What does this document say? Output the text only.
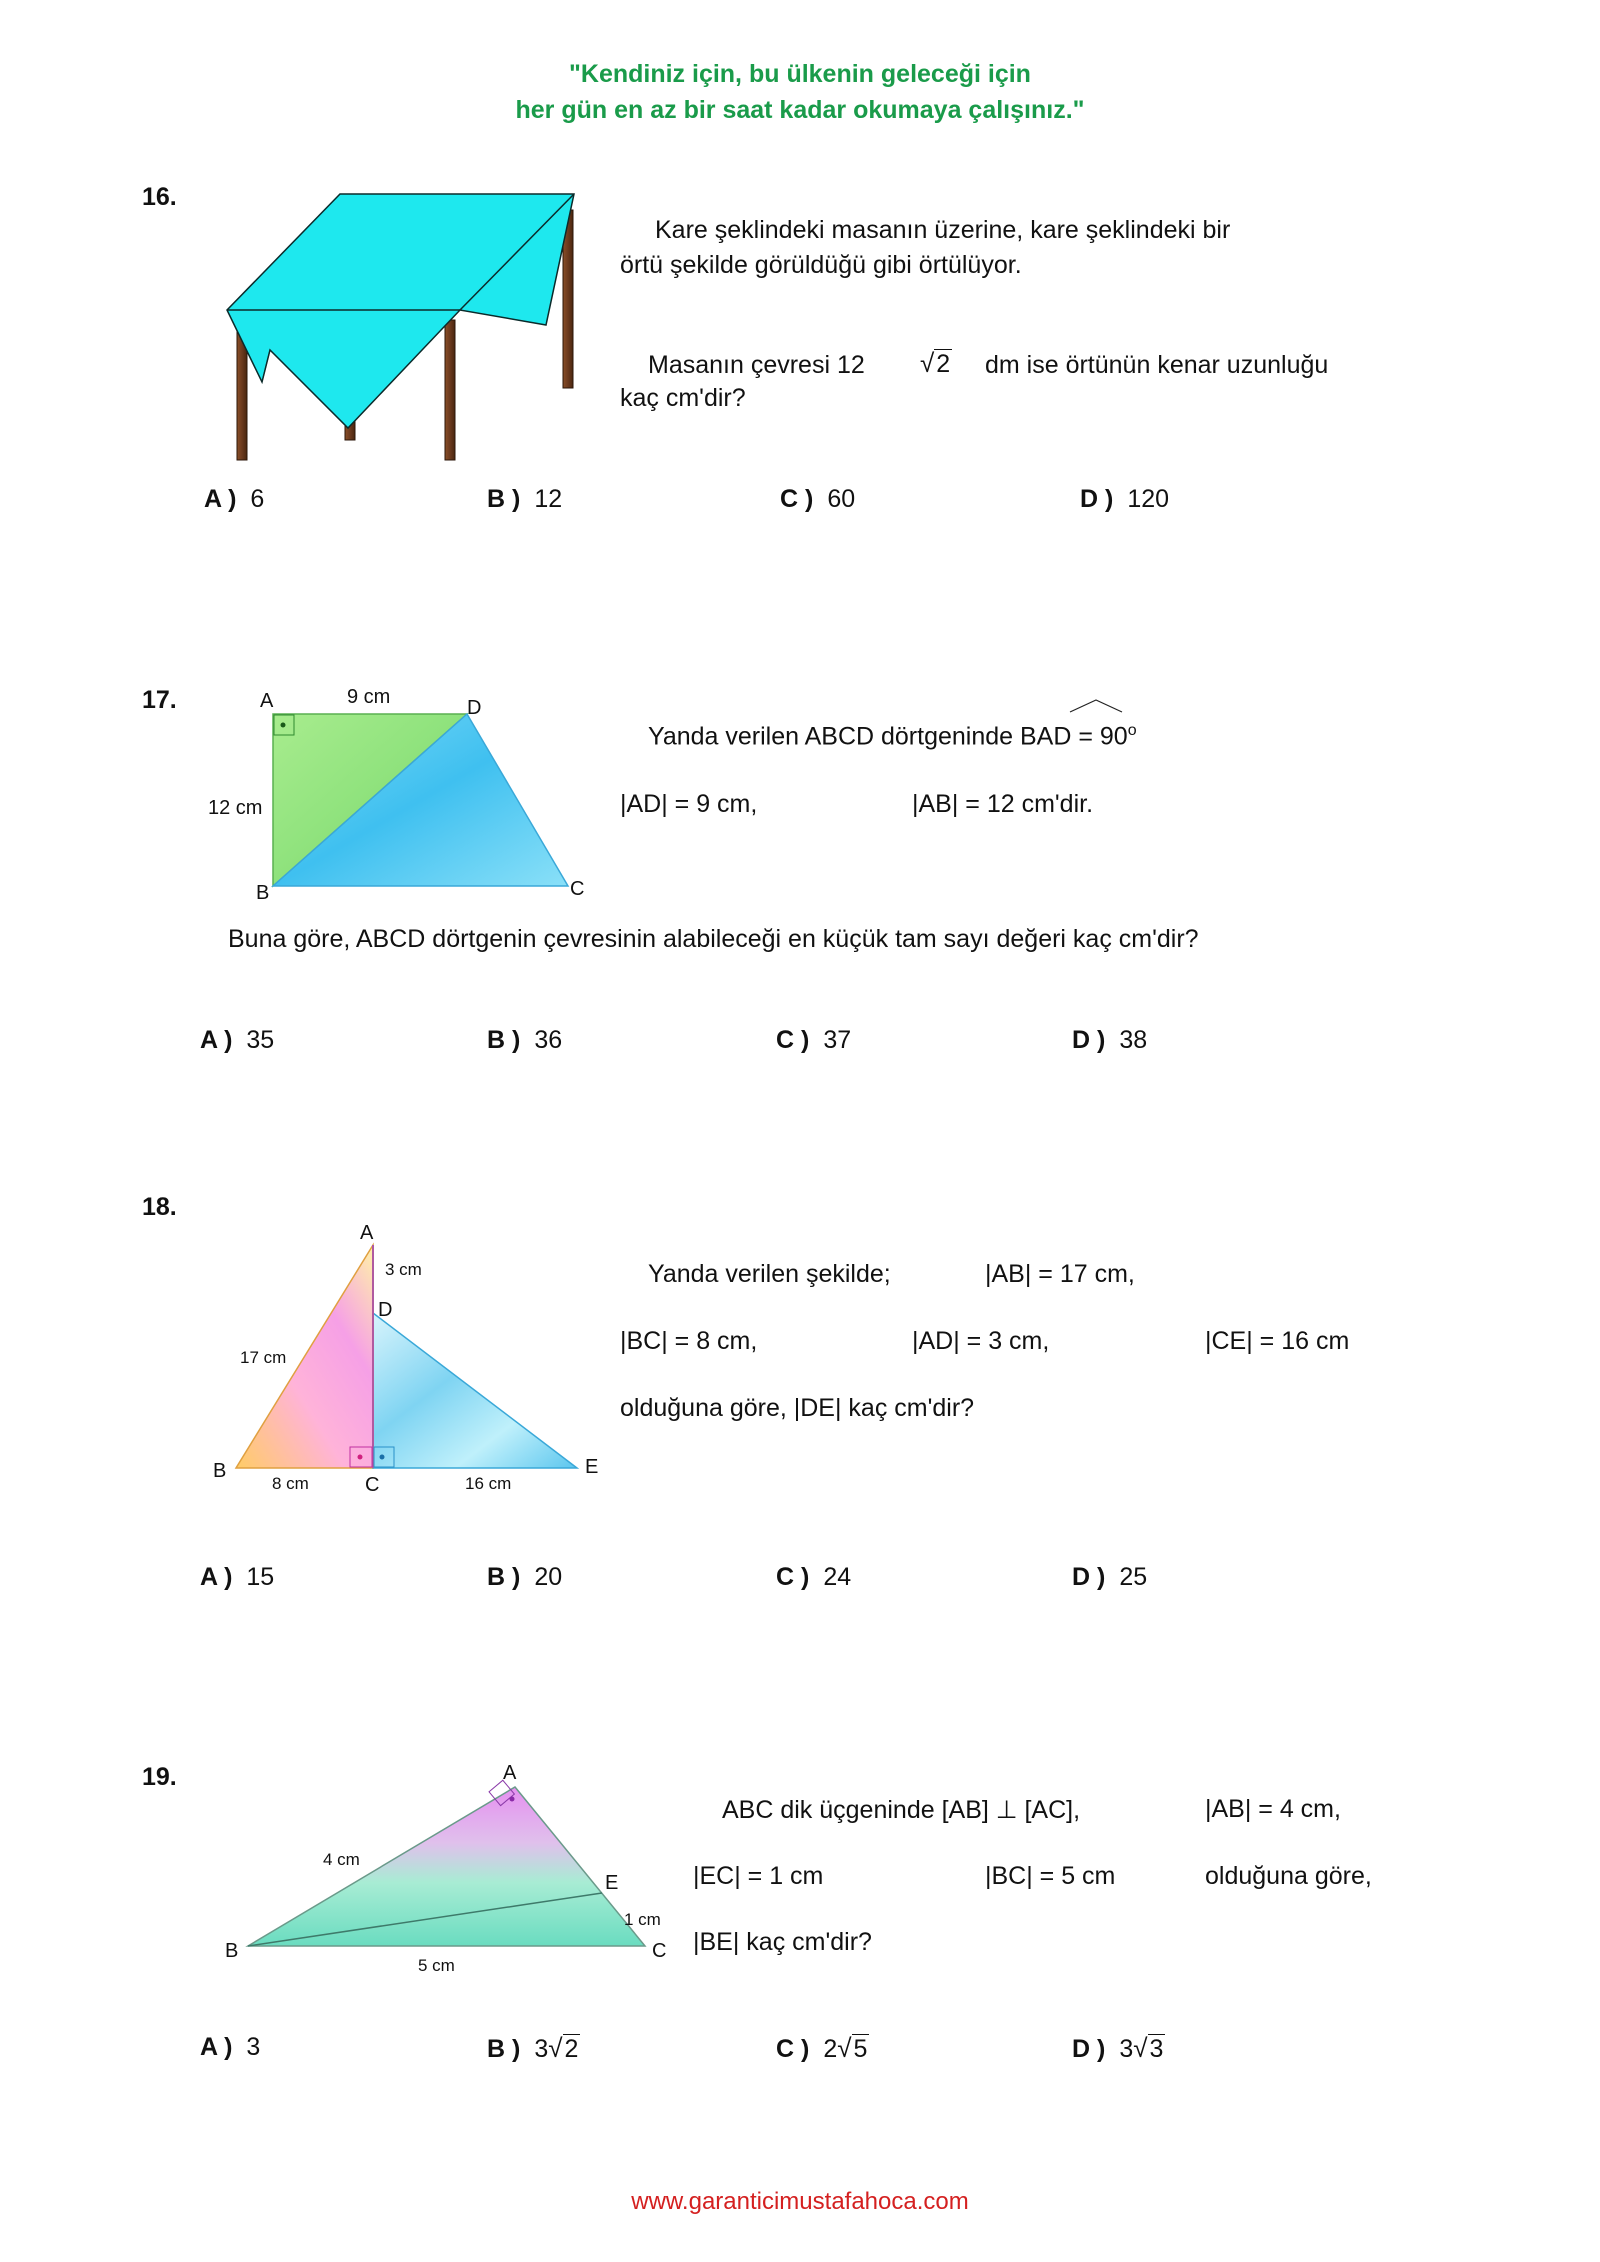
"Kendiniz için, bu ülkenin geleceği için
her gün en az bir saat kadar okumaya çalışınız."
16.
Kare şeklindeki masanın üzerine, kare şeklindeki bir
örtü şekilde görüldüğü gibi örtülüyor.
Masanın çevresi 12 √2 dm ise örtünün kenar uzunluğu
kaç cm'dir?
A ) 6	B ) 12	C ) 60	D ) 120
17.	A	9 cm	D
12 cm
B	C
Yanda verilen ABCD dörtgeninde BAD = $90^o$
|AD| = 9 cm,	|AB| = 12 cm'dir.
Buna göre, ABCD dörtgenin çevresinin alabileceği en küçük tam sayı değeri kaç cm'dir?
A ) 35	B ) 36	C ) 37	D ) 38
18.
A
3 cm
D
17 cm
B
8 cm	C	16 cm
E
Yanda verilen şekilde;	|AB| = 17 cm,
|BC| = 8 cm,	|AD| = 3 cm,	|CE| = 16 cm
olduğuna göre, |DE| kaç cm'dir?
A ) 15	B ) 20	C ) 24	D ) 25
19.	A
4 cm
E
1 cm
B	C
5 cm
ABC dik üçgeninde [AB] ⊥ [AC],	|AB| = 4 cm,
|EC| = 1 cm	|BC| = 5 cm	olduğuna göre,
|BE| kaç cm'dir?
A ) 3	B ) 3√2	C ) 2√5	D ) 3√3
www.garanticimustafahoca.com
